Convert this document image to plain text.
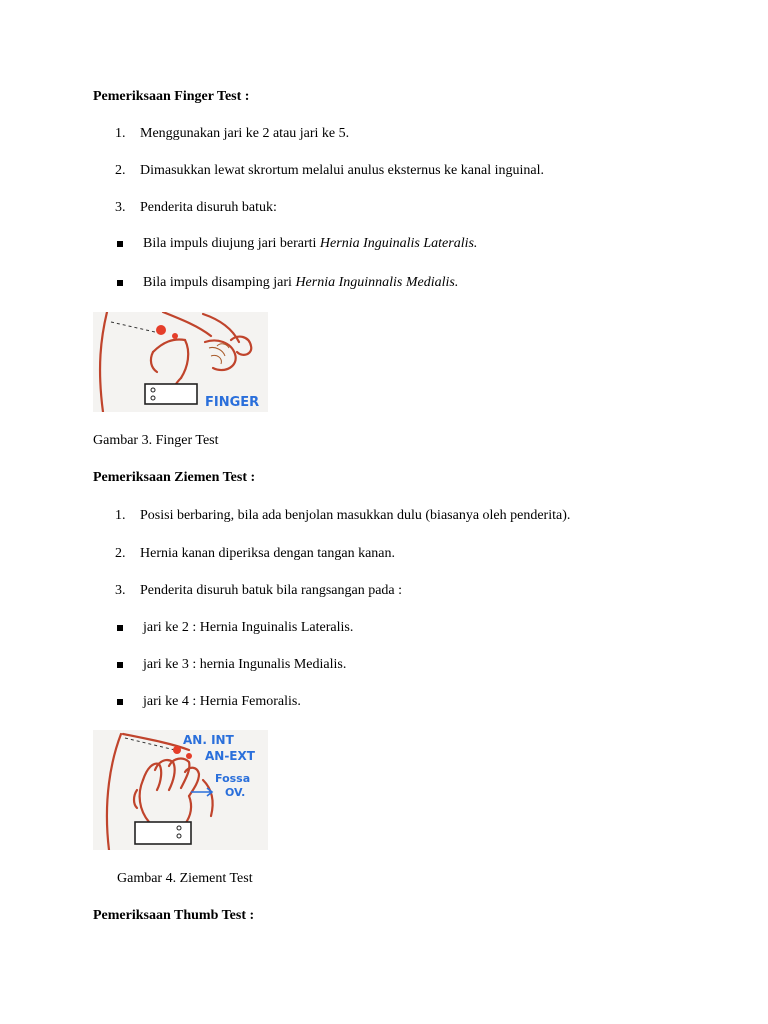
Pemeriksaan Finger Test :
1. Menggunakan jari ke 2 atau jari ke 5.
2. Dimasukkan lewat skrortum melalui anulus eksternus ke kanal inguinal.
3. Penderita disuruh batuk:
Bila impuls diujung jari berarti Hernia Inguinalis Lateralis.
Bila impuls disamping jari Hernia Inguinnalis Medialis.
FINGER
Gambar 3. Finger Test
Pemeriksaan Ziemen Test :
1. Posisi berbaring, bila ada benjolan masukkan dulu (biasanya oleh penderita).
2. Hernia kanan diperiksa dengan tangan kanan.
3. Penderita disuruh batuk bila rangsangan pada :
jari ke 2 : Hernia Inguinalis Lateralis.
jari ke 3 : hernia Ingunalis Medialis.
jari ke 4 : Hernia Femoralis.
AN. INT
AN-EXT
Fossa
OV.
Gambar 4. Ziement Test
Pemeriksaan Thumb Test :
